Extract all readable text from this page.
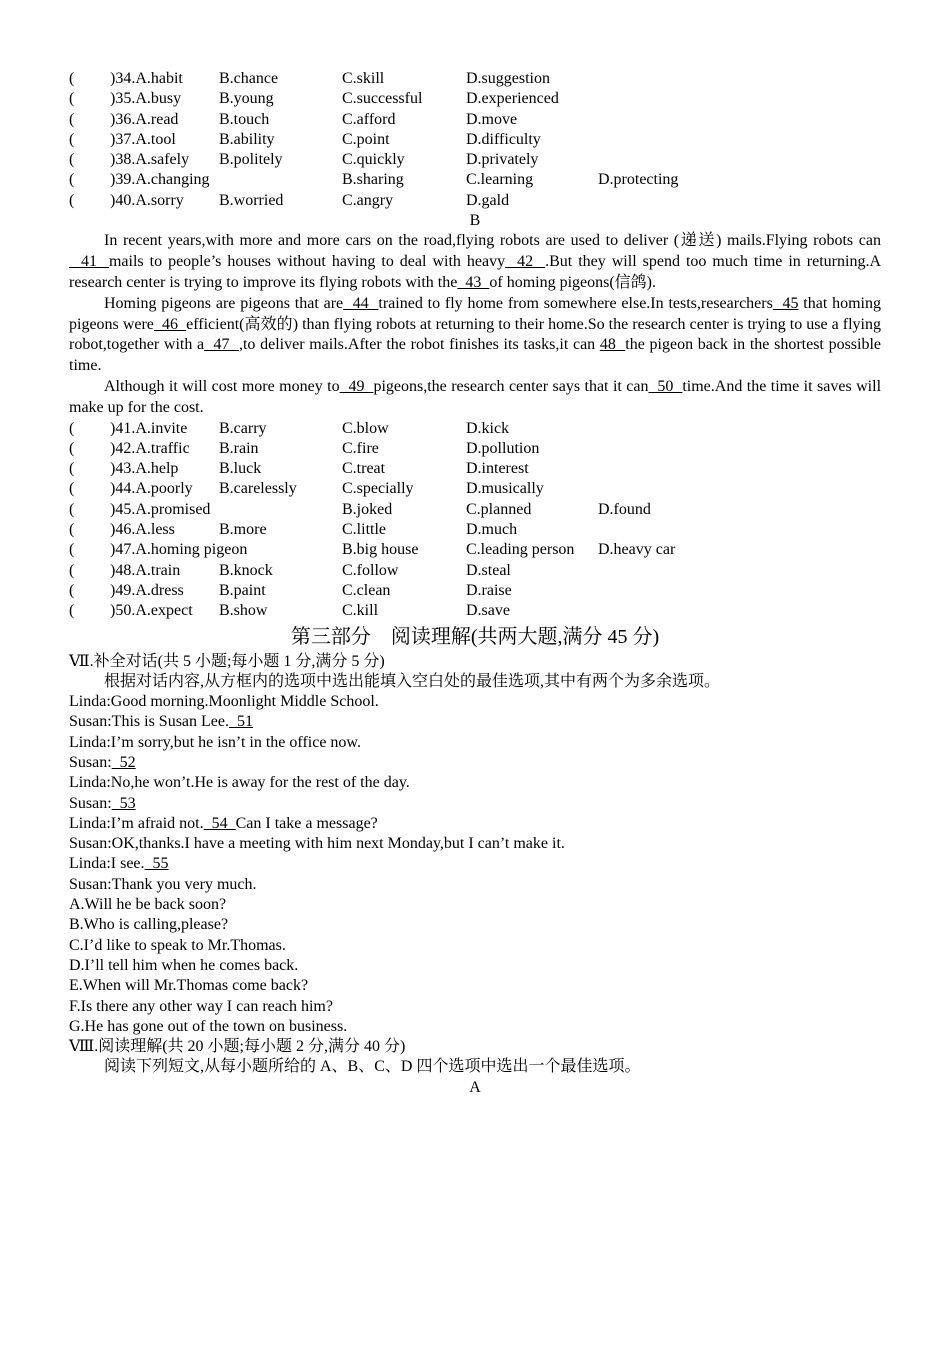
( )34.A.habit B.chance	C.skill	D.suggestion
( )35.A.busy B.young	C.successful	D.experienced
( )36.A.read	B.touch	C.afford	D.move
( )37.A.tool	B.ability	C.point	D.difficulty
( )38.A.safely B.politely	C.quickly	D.privately
( )39.A.changing	B.sharing	C.learning	D.protecting
( )40.A.sorry B.worried	C.angry	D.gald
B
In recent years,with more and more cars on the road,flying robots are used to deliver (递送) mails.Flying robots can  41  mails to people’s houses without having to deal with heavy  42  .But they will spend too much time in returning.A research center is trying to improve its flying robots with the  43  of homing pigeons(信鸽).
Homing pigeons are pigeons that are  44  trained to fly home from somewhere else.In tests,researchers  45 that homing pigeons were  46  efficient(高效的) than flying robots at returning to their home.So the research center is trying to use a flying robot,together with a  47  ,to deliver mails.After the robot finishes its tasks,it can 48  the pigeon back in the shortest possible time.
Although it will cost more money to  49  pigeons,the research center says that it can  50  time.And the time it saves will make up for the cost.
( )41.A.invite B.carry	C.blow	D.kick
( )42.A.traffic B.rain	C.fire	D.pollution
( )43.A.help	B.luck	C.treat	D.interest
( )44.A.poorly B.carelessly	C.specially	D.musically
( )45.A.promised	B.joked	C.planned	D.found
( )46.A.less	B.more	C.little	D.much
( )47.A.homing pigeon	B.big house	C.leading person D.heavy car
( )48.A.train B.knock	C.follow	D.steal
( )49.A.dress B.paint	C.clean	D.raise
( )50.A.expect B.show	C.kill	D.save
第三部分　阅读理解(共两大题,满分 45 分)
Ⅶ.补全对话(共 5 小题;每小题 1 分,满分 5 分)
根据对话内容,从方框内的选项中选出能填入空白处的最佳选项,其中有两个为多余选项。
Linda:Good morning.Moonlight Middle School.
Susan:This is Susan Lee.  51
Linda:I’m sorry,but he isn’t in the office now.
Susan:  52
Linda:No,he won’t.He is away for the rest of the day.
Susan:  53
Linda:I’m afraid not.  54  Can I take a message?
Susan:OK,thanks.I have a meeting with him next Monday,but I can’t make it.
Linda:I see.  55
Susan:Thank you very much.
A.Will he be back soon?
B.Who is calling,please?
C.I’d like to speak to Mr.Thomas.
D.I’ll tell him when he comes back.
E.When will Mr.Thomas come back?
F.Is there any other way I can reach him?
G.He has gone out of the town on business.
Ⅷ.阅读理解(共 20 小题;每小题 2 分,满分 40 分)
阅读下列短文,从每小题所给的 A、B、C、D 四个选项中选出一个最佳选项。
A
